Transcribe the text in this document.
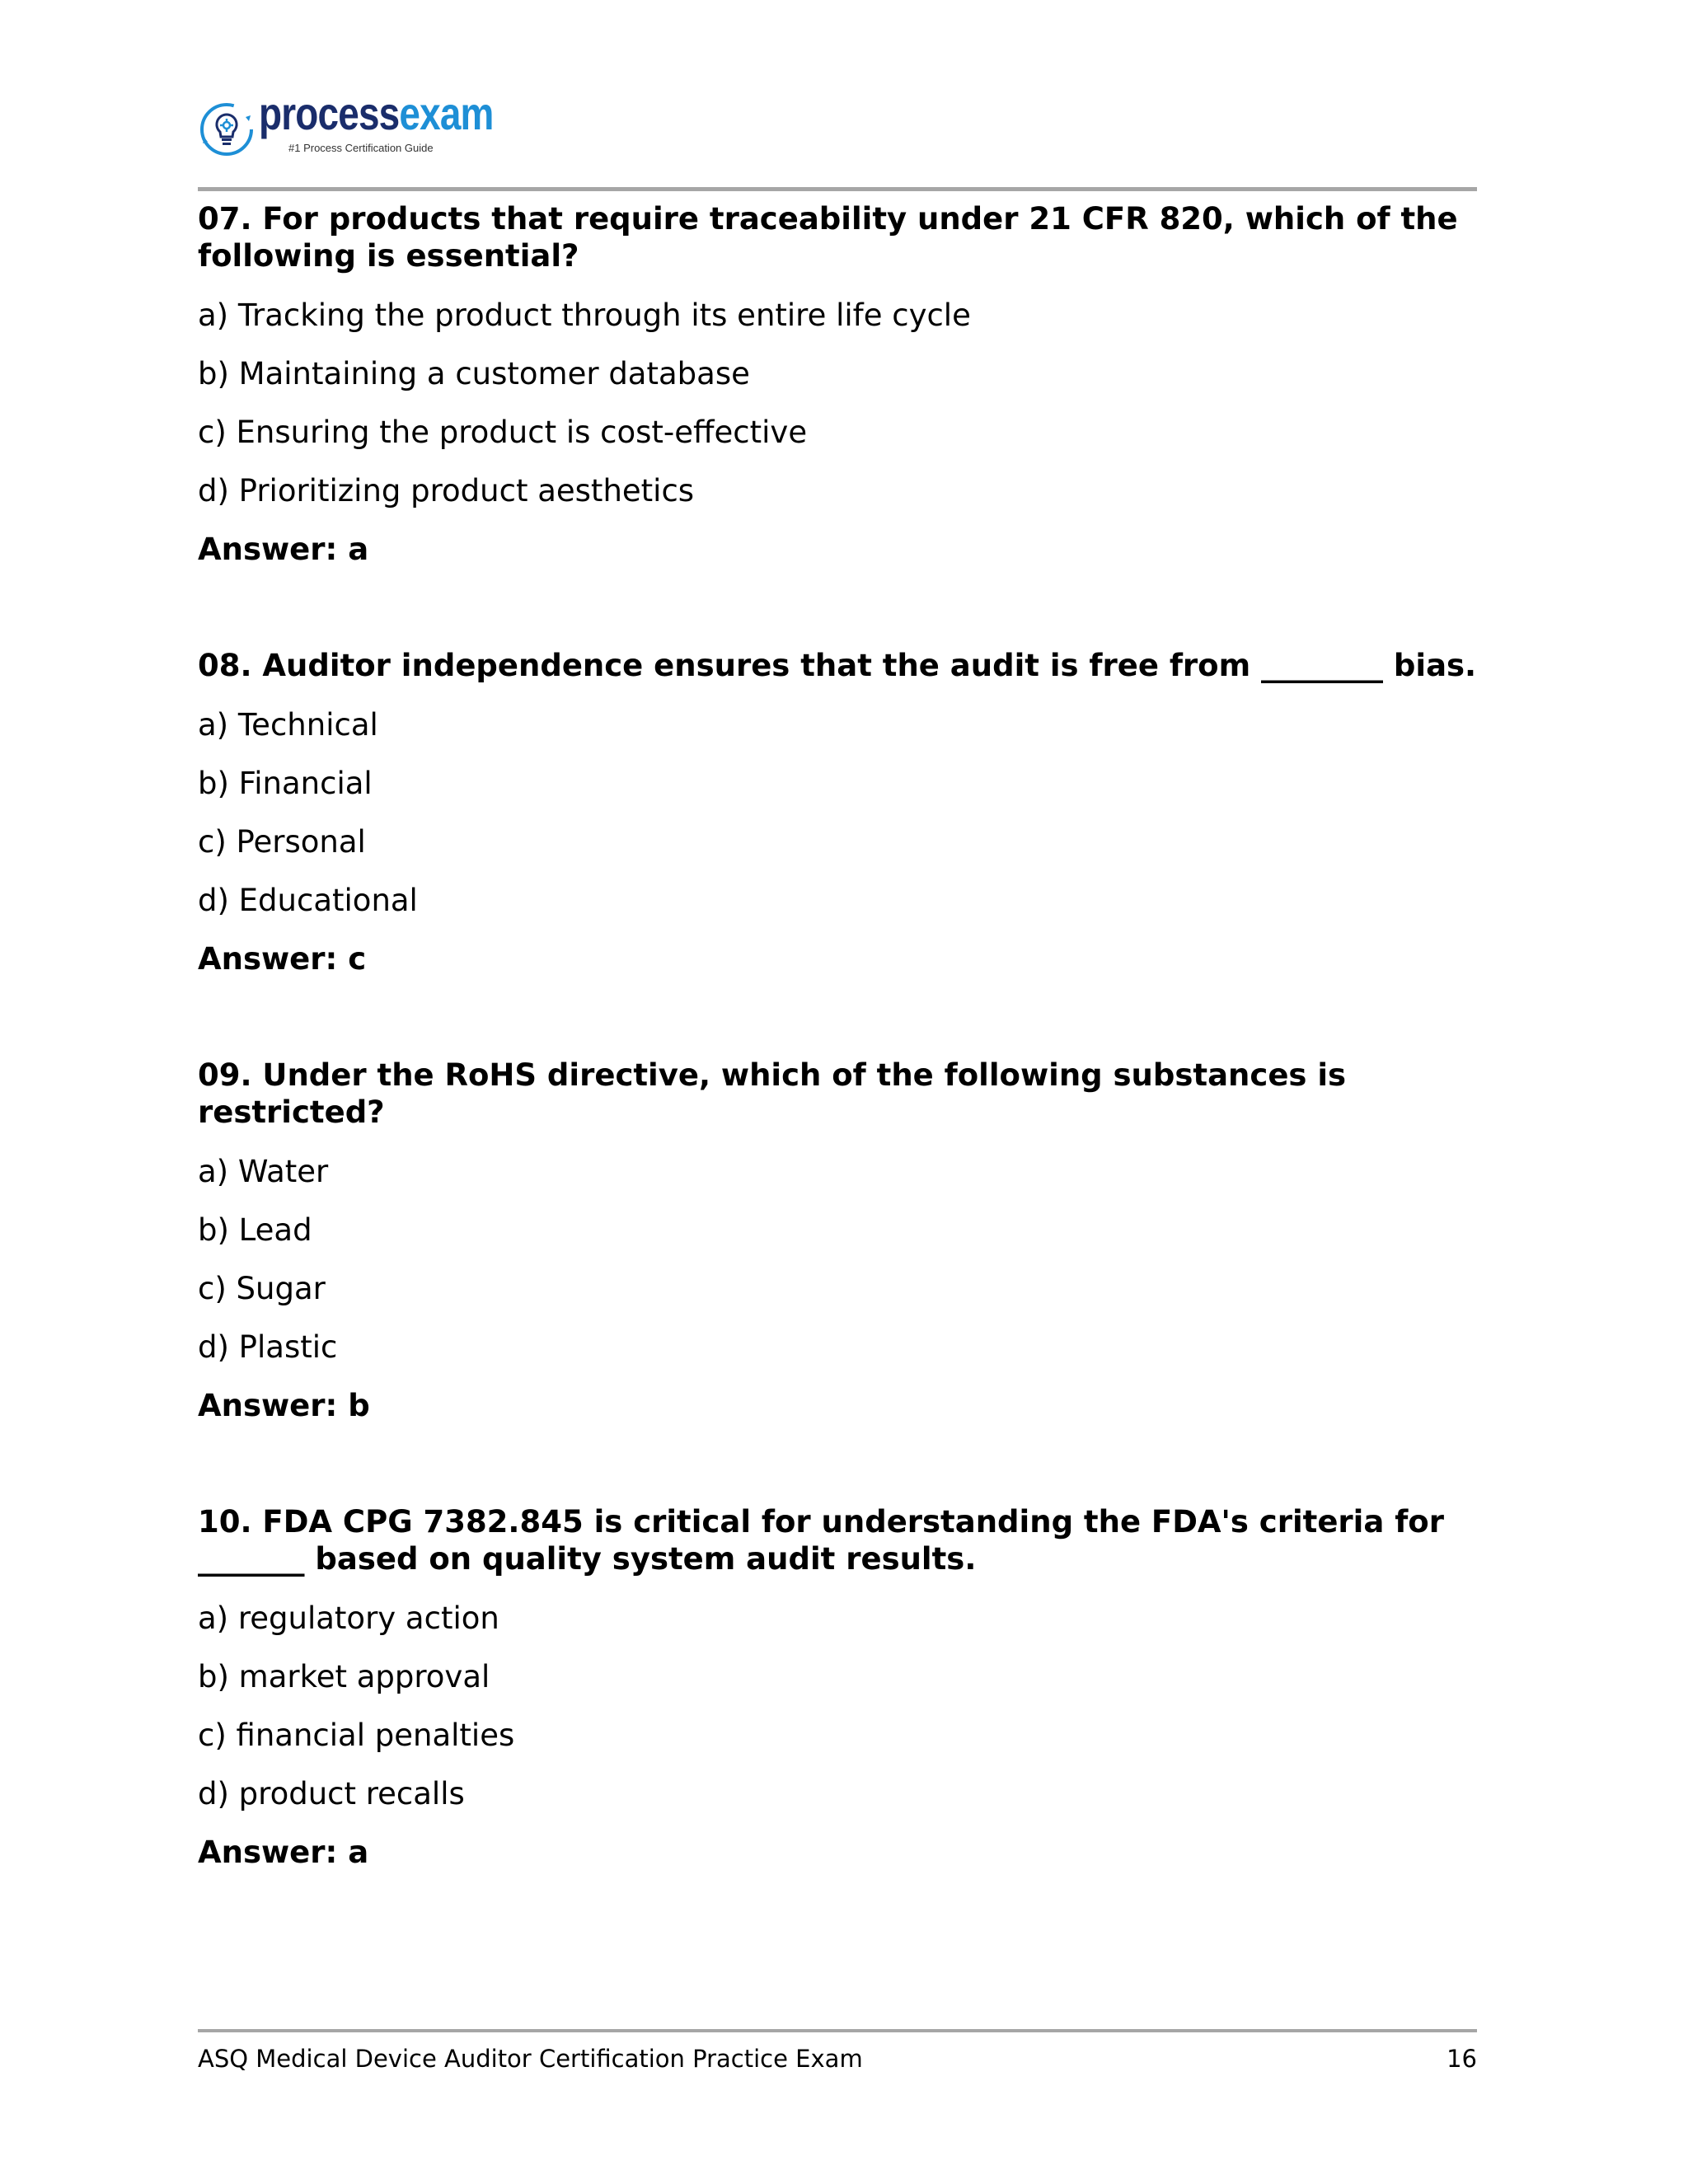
processexam
#1 Process Certification Guide
07. For products that require traceability under 21 CFR 820, which of the following is essential?
a) Tracking the product through its entire life cycle
b) Maintaining a customer database
c) Ensuring the product is cost-effective
d) Prioritizing product aesthetics
Answer: a
08. Auditor independence ensures that the audit is free from ________ bias.
a) Technical
b) Financial
c) Personal
d) Educational
Answer: c
09. Under the RoHS directive, which of the following substances is restricted?
a) Water
b) Lead
c) Sugar
d) Plastic
Answer: b
10. FDA CPG 7382.845 is critical for understanding the FDA's criteria for _______ based on quality system audit results.
a) regulatory action
b) market approval
c) financial penalties
d) product recalls
Answer: a
ASQ Medical Device Auditor Certification Practice Exam	16
